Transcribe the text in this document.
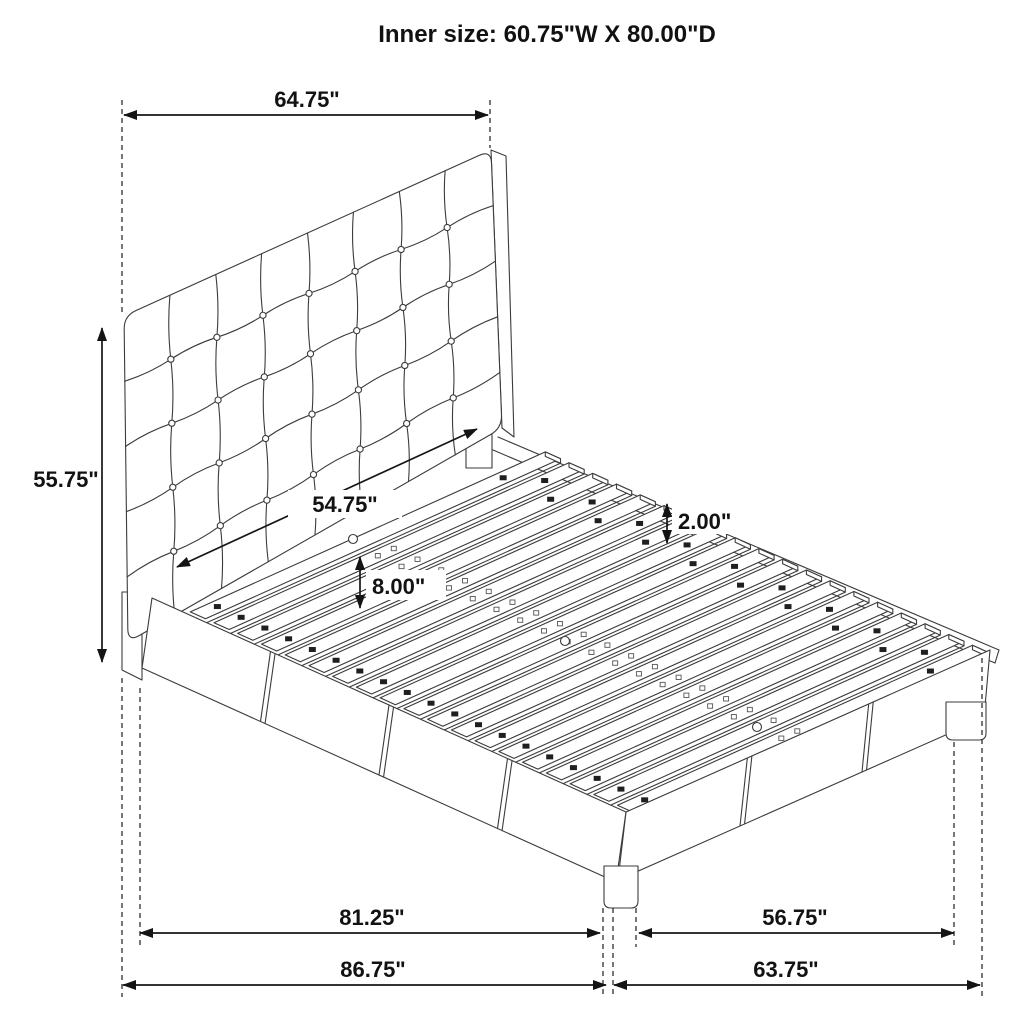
64.75"
55.75"
54.75"
8.00"
2.00"
81.25"
86.75"
56.75"
63.75"
Inner size: 60.75"W X 80.00"D
